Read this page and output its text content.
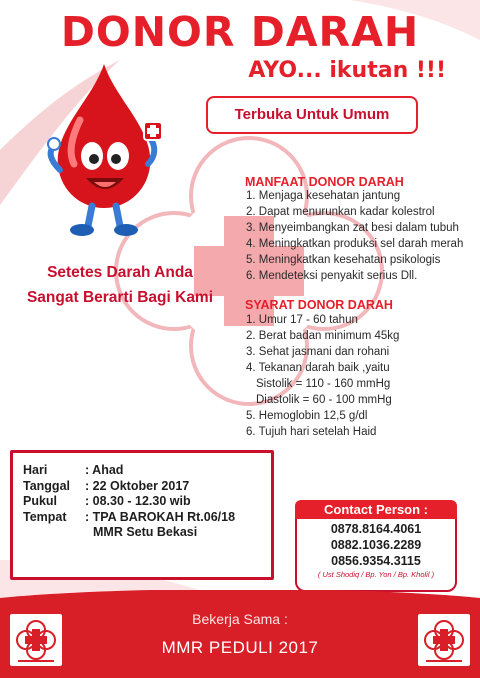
DONOR DARAH
AYO... ikutan !!!
Terbuka Untuk Umum
Setetes Darah Anda
Sangat Berarti Bagi Kami
MANFAAT DONOR DARAH
1. Menjaga kesehatan jantung
2. Dapat menurunkan kadar kolestrol
3. Menyeimbangkan zat besi dalam tubuh
4. Meningkatkan produksi sel darah merah
5. Meningkatkan kesehatan psikologis
6. Mendeteksi penyakit serius Dll.
SYARAT DONOR DARAH
1. Umur 17 - 60 tahun
2. Berat badan minimum 45kg
3. Sehat jasmani dan rohani
4. Tekanan darah baik ,yaitu
Sistolik = 110 - 160 mmHg
Diastolik = 60 - 100 mmHg
5. Hemoglobin 12,5 g/dl
6. Tujuh hari setelah Haid
Hari	: Ahad
Tanggal	: 22 Oktober 2017
Pukul	: 08.30 - 12.30 wib
Tempat	: TPA BAROKAH Rt.06/18
MMR Setu Bekasi
Contact Person :
0878.8164.4061
0882.1036.2289
0856.9354.3115
( Ust Shodiq / Bp. Yon / Bp. Kholil )
Bekerja Sama :
MMR PEDULI 2017
